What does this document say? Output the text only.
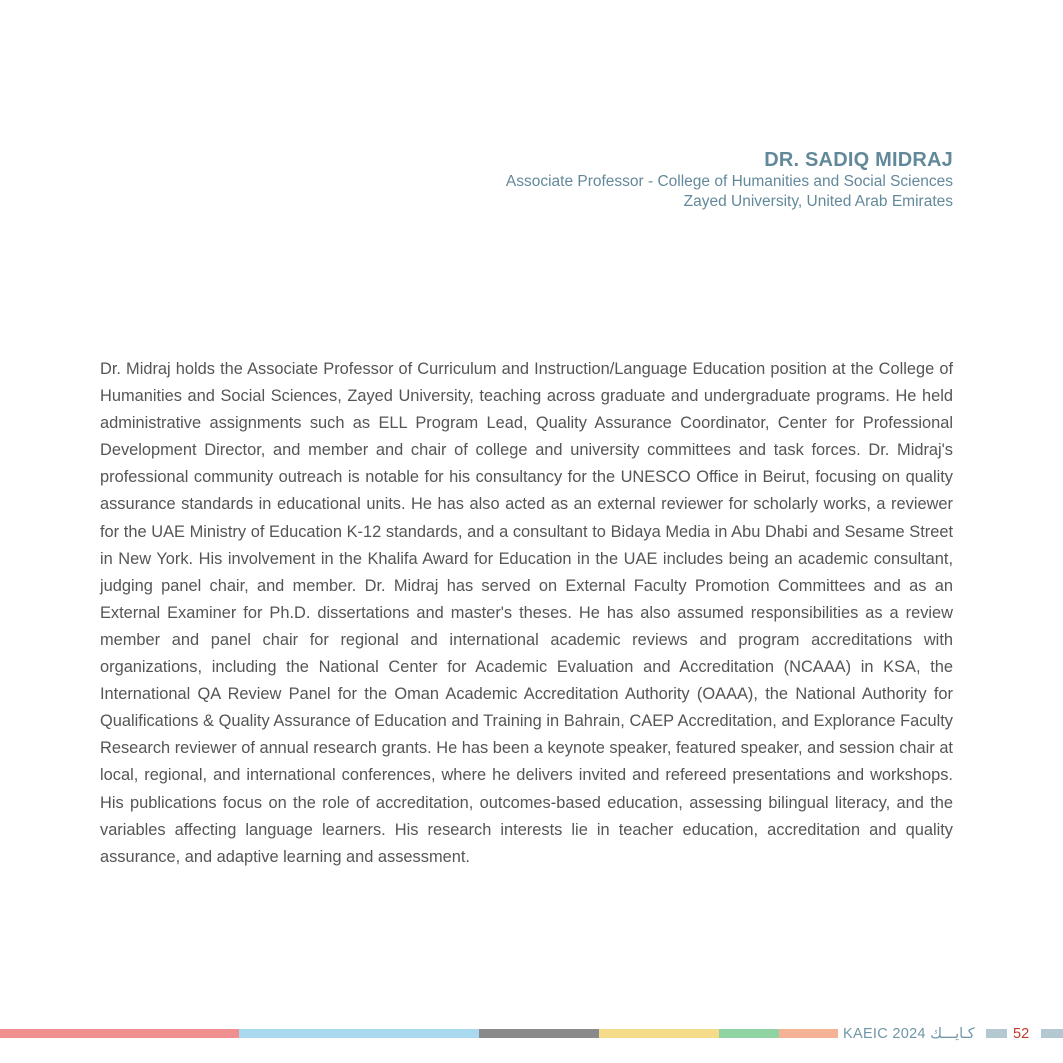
DR. SADIQ MIDRAJ
Associate Professor - College of Humanities and Social Sciences
Zayed University, United Arab Emirates

Dr. Midraj holds the Associate Professor of Curriculum and Instruction/Language Education position at the College of Humanities and Social Sciences, Zayed University, teaching across graduate and undergraduate programs. He held administrative assignments such as ELL Program Lead, Quality Assurance Coordinator, Center for Professional Development Director, and member and chair of college and university committees and task forces. Dr. Midraj's professional community outreach is notable for his consultancy for the UNESCO Office in Beirut, focusing on quality assurance standards in educational units. He has also acted as an external reviewer for scholarly works, a reviewer for the UAE Ministry of Education K-12 standards, and a consultant to Bidaya Media in Abu Dhabi and Sesame Street in New York. His involvement in the Khalifa Award for Education in the UAE includes being an academic consultant, judging panel chair, and member. Dr. Midraj has served on External Faculty Promotion Committees and as an External Examiner for Ph.D. dissertations and master's theses. He has also assumed responsibilities as a review member and panel chair for regional and international academic reviews and program accreditations with organizations, including the National Center for Academic Evaluation and Accreditation (NCAAA) in KSA, the International QA Review Panel for the Oman Academic Accreditation Authority (OAAA), the National Authority for Qualifications & Quality Assurance of Education and Training in Bahrain, CAEP Accreditation, and Explorance Faculty Research reviewer of annual research grants. He has been a keynote speaker, featured speaker, and session chair at local, regional, and international conferences, where he delivers invited and refereed presentations and workshops. His publications focus on the role of accreditation, outcomes-based education, assessing bilingual literacy, and the variables affecting language learners. His research interests lie in teacher education, accreditation and quality assurance, and adaptive learning and assessment.

KAEIC 2024 كـايـــك	52
